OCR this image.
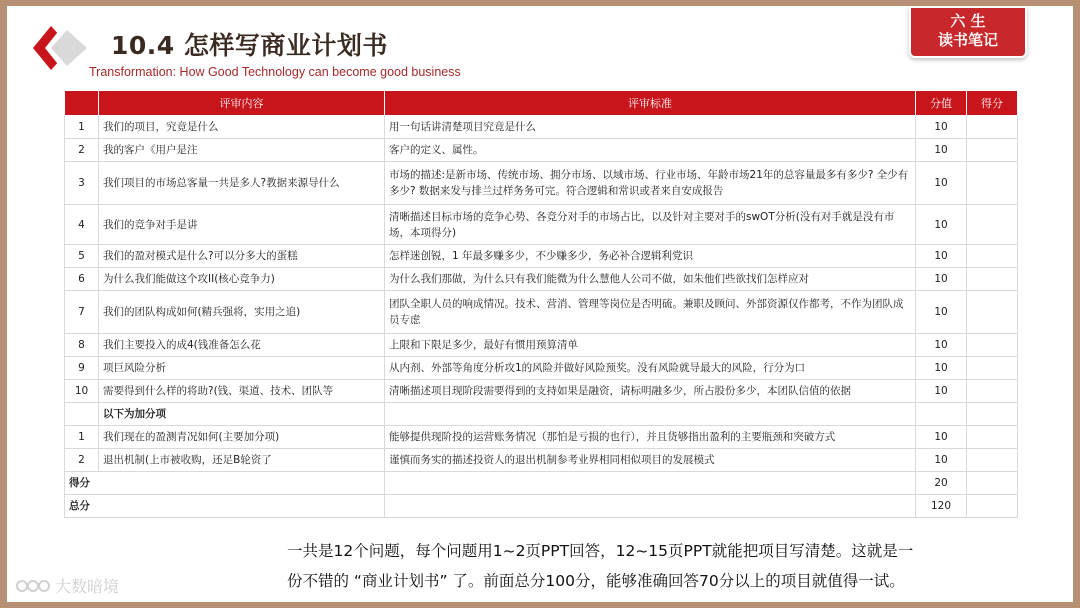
10.4 怎样写商业计划书

Transformation: How Good Technology can become good business

六 生
读书笔记
	评审内容	评审标准	分值	得分
1	我们的项目，究竟是什么	用一句话讲清楚项目究竟是什么	10	
2	我的客户《用户是注	客户的定义、属性。	10	
3	我们项目的市场总客量一共是多人?教据来源导什么	市场的描述:是新市场、传统市场、拥分市场、以域市场、行业市场、年龄市场21年的总容量最多有多少? 全少有多少? 数据来发与排兰过样务务可完。符合逻辑和常识或者来自安成报告	10	
4	我们的竞争对手是讲	清晰描述目标市场的竞争心势、各竞分对手的市场占比，以及针对主要对手的swOT分析(没有对手就是没有市场，本项得分)	10	
5	我们的盈对模式是什么?可以分多大的蛋糕	怎样迷创锐，1 年最多赚多少，不少赚多少，务必补合逻辑利党识	10	
6	为什么我们能做这个攻II(核心竞争力)	为什么我们那做，为什么只有我们能微为什么慧他人公司不做，如朱他们些欲找们怎样应对	10	
7	我们的团队构成如何(精兵强将，实用之追)	团队全职人员的响成情况。技术、营消、管理等岗位是否明硫。兼职及顾问、外部资源仅作都考，不作为团队成员专虑	10	
8	我们主要投入的成4(钱准备怎么花	上限和下限足多少，最好有惯用预算清单	10	
9	项巨风险分析	从内剂、外部等角度分析攻1的风险并做好风险预奖。没有风险就导最大的风险，行分为口	10	
10	需要得到什么样的将助?(钱、渠道、技术、团队等	清晰描述项目现阶段需要得到的支持如果是融资，请标明融多少，所占股份多少，本团队信值的依据	10	
	以下为加分项			
1	我们现在的盈测青况如何(主要加分项)	能够提供现阶投的运营账务情况（那怕是亏损的也行），并且货够指出盈利的主要瓶颈和突破方式	10	
2	退出机制(上市被收购，还足B轮资了	谨慎而务实的描述投资人的退出机制参考业界相同相似项目的发展模式	10	
得分			20	
总分			120	
一共是12个问题，每个问题用1~2页PPT回答，12~15页PPT就能把项目写清楚。这就是一
份不错的 “商业计划书” 了。前面总分100分，能够准确回答70分以上的项目就值得一试。
大数暗境
